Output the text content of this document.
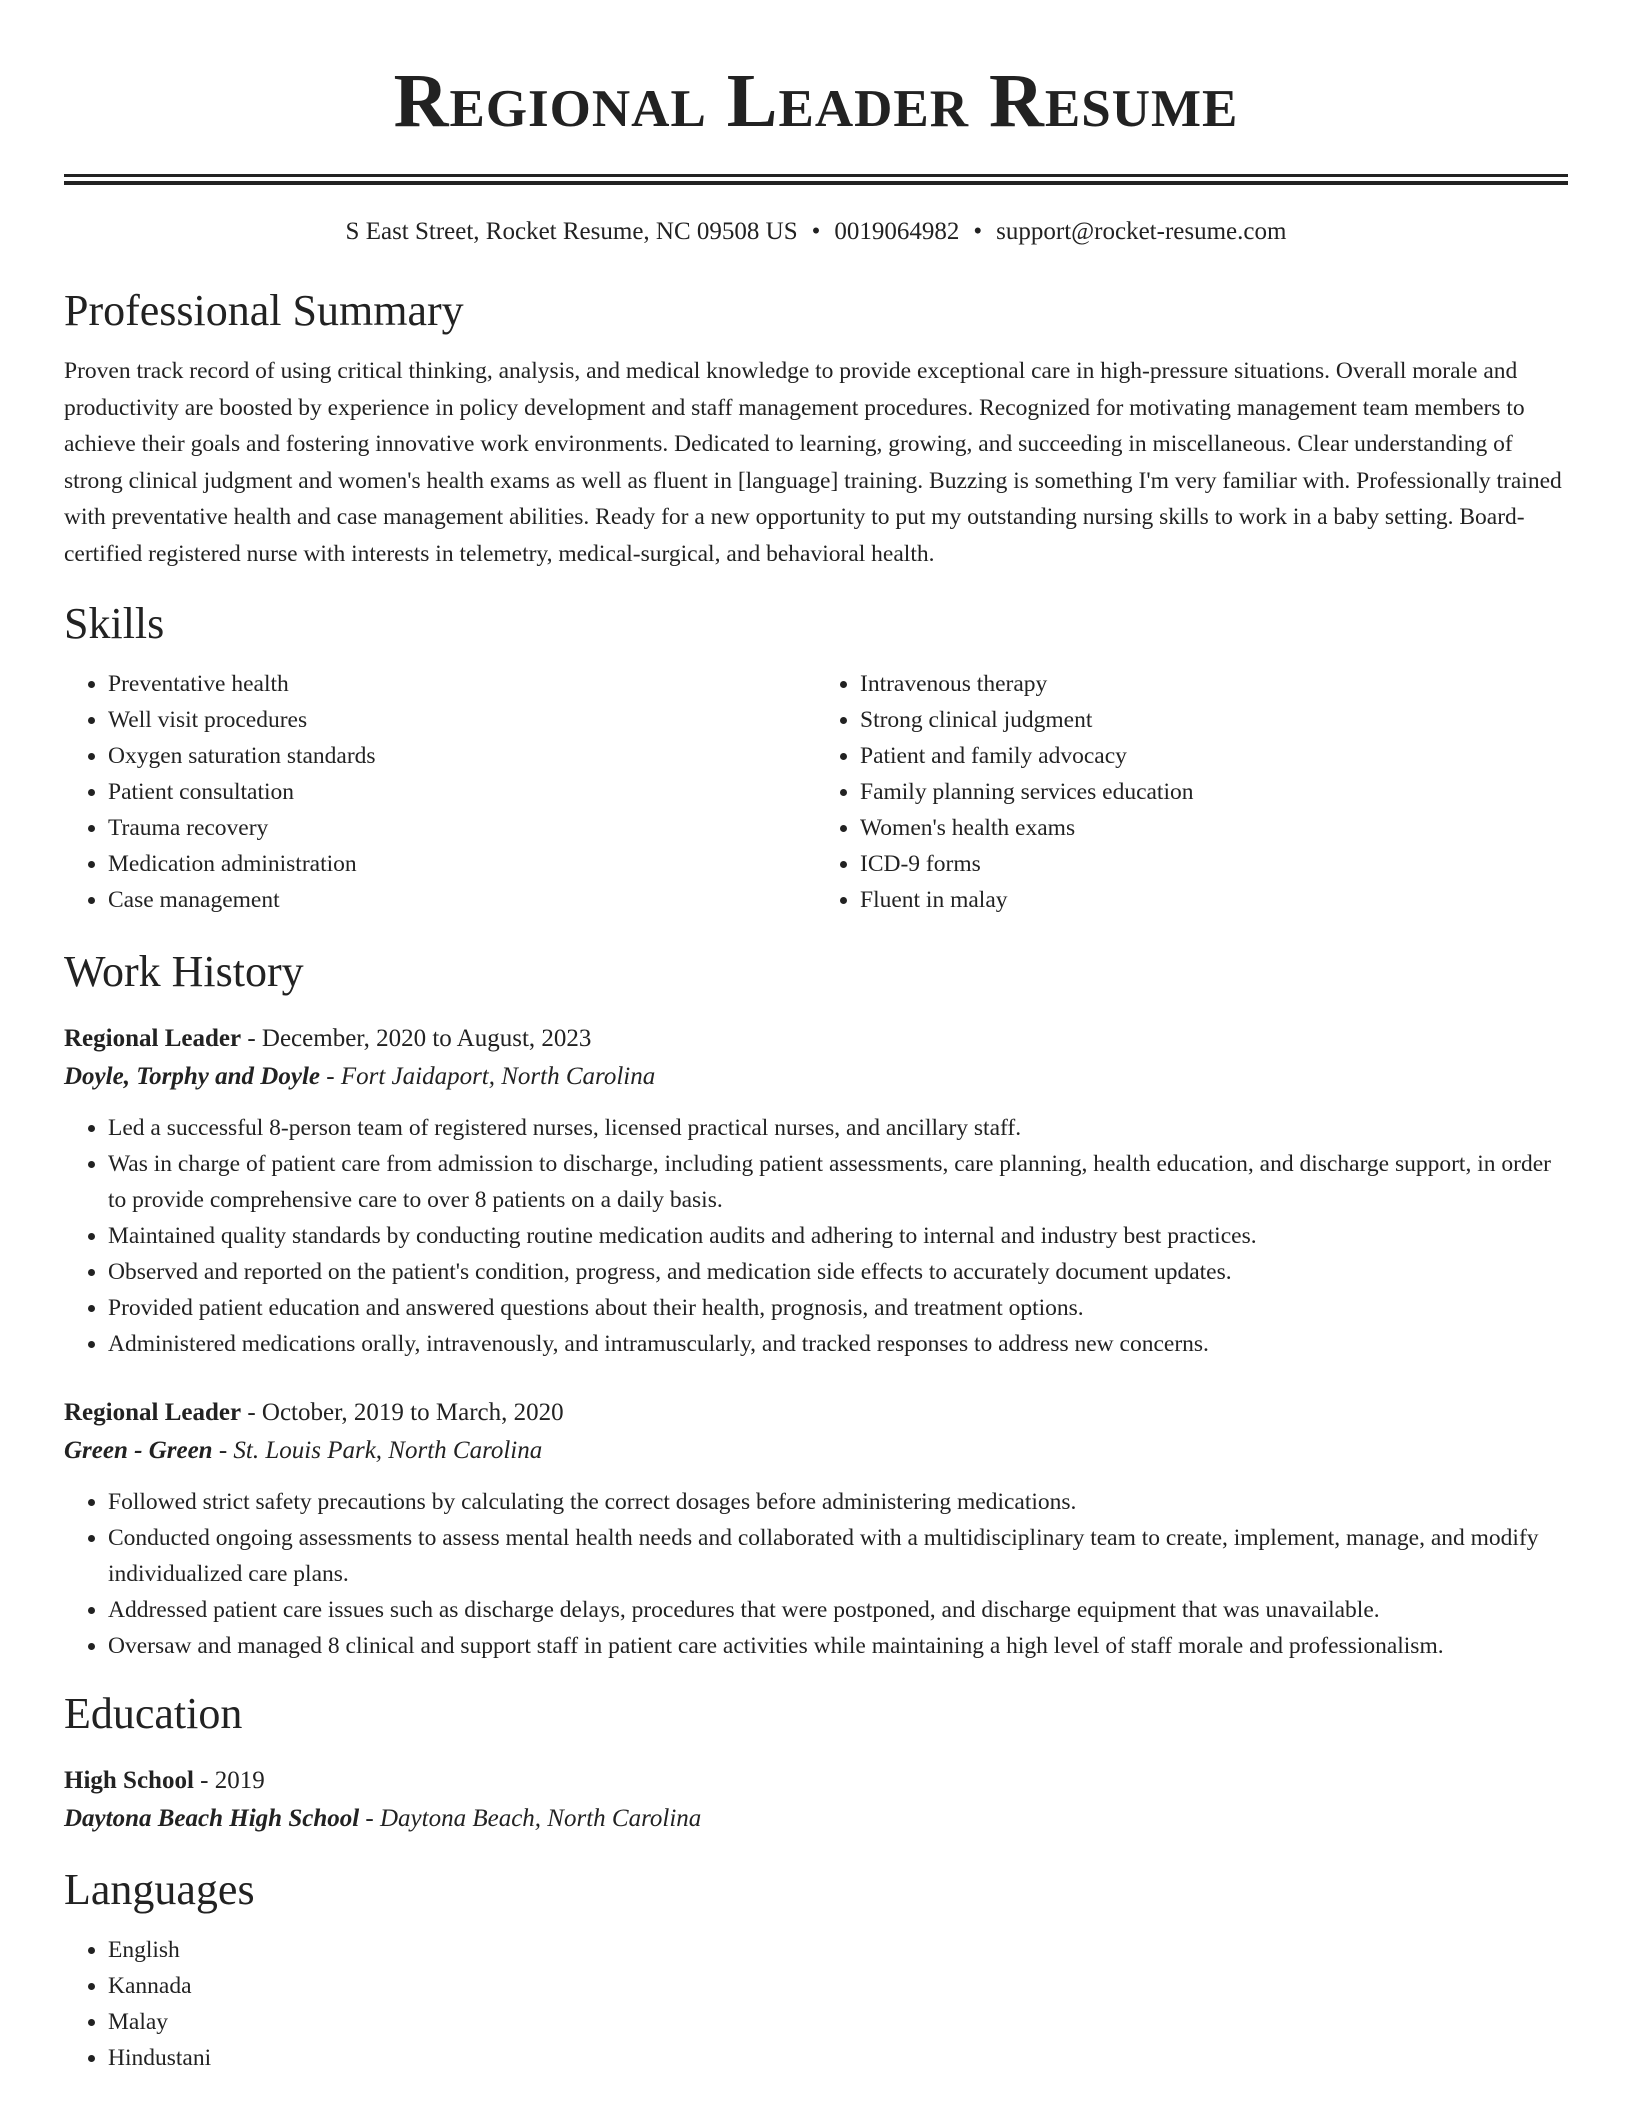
Regional Leader Resume
S East Street, Rocket Resume, NC 09508 US • 0019064982 • support@rocket-resume.com
Professional Summary

Proven track record of using critical thinking, analysis, and medical knowledge to provide exceptional care in high-pressure situations. Overall morale and productivity are boosted by experience in policy development and staff management procedures. Recognized for motivating management team members to achieve their goals and fostering innovative work environments. Dedicated to learning, growing, and succeeding in miscellaneous. Clear understanding of strong clinical judgment and women's health exams as well as fluent in [language] training. Buzzing is something I'm very familiar with. Professionally trained with preventative health and case management abilities. Ready for a new opportunity to put my outstanding nursing skills to work in a baby setting. Board-certified registered nurse with interests in telemetry, medical-surgical, and behavioral health.

Skills
• Preventative health
• Well visit procedures
• Oxygen saturation standards
• Patient consultation
• Trauma recovery
• Medication administration
• Case management
• Intravenous therapy
• Strong clinical judgment
• Patient and family advocacy
• Family planning services education
• Women's health exams
• ICD-9 forms
• Fluent in malay
Work History
Regional Leader - December, 2020 to August, 2023
Doyle, Torphy and Doyle - Fort Jaidaport, North Carolina
• Led a successful 8-person team of registered nurses, licensed practical nurses, and ancillary staff.
• Was in charge of patient care from admission to discharge, including patient assessments, care planning, health education, and discharge support, in order to provide comprehensive care to over 8 patients on a daily basis.
• Maintained quality standards by conducting routine medication audits and adhering to internal and industry best practices.
• Observed and reported on the patient's condition, progress, and medication side effects to accurately document updates.
• Provided patient education and answered questions about their health, prognosis, and treatment options.
• Administered medications orally, intravenously, and intramuscularly, and tracked responses to address new concerns.
Regional Leader - October, 2019 to March, 2020
Green - Green - St. Louis Park, North Carolina
• Followed strict safety precautions by calculating the correct dosages before administering medications.
• Conducted ongoing assessments to assess mental health needs and collaborated with a multidisciplinary team to create, implement, manage, and modify individualized care plans.
• Addressed patient care issues such as discharge delays, procedures that were postponed, and discharge equipment that was unavailable.
• Oversaw and managed 8 clinical and support staff in patient care activities while maintaining a high level of staff morale and professionalism.
Education
High School - 2019
Daytona Beach High School - Daytona Beach, North Carolina
Languages
• English
• Kannada
• Malay
• Hindustani
